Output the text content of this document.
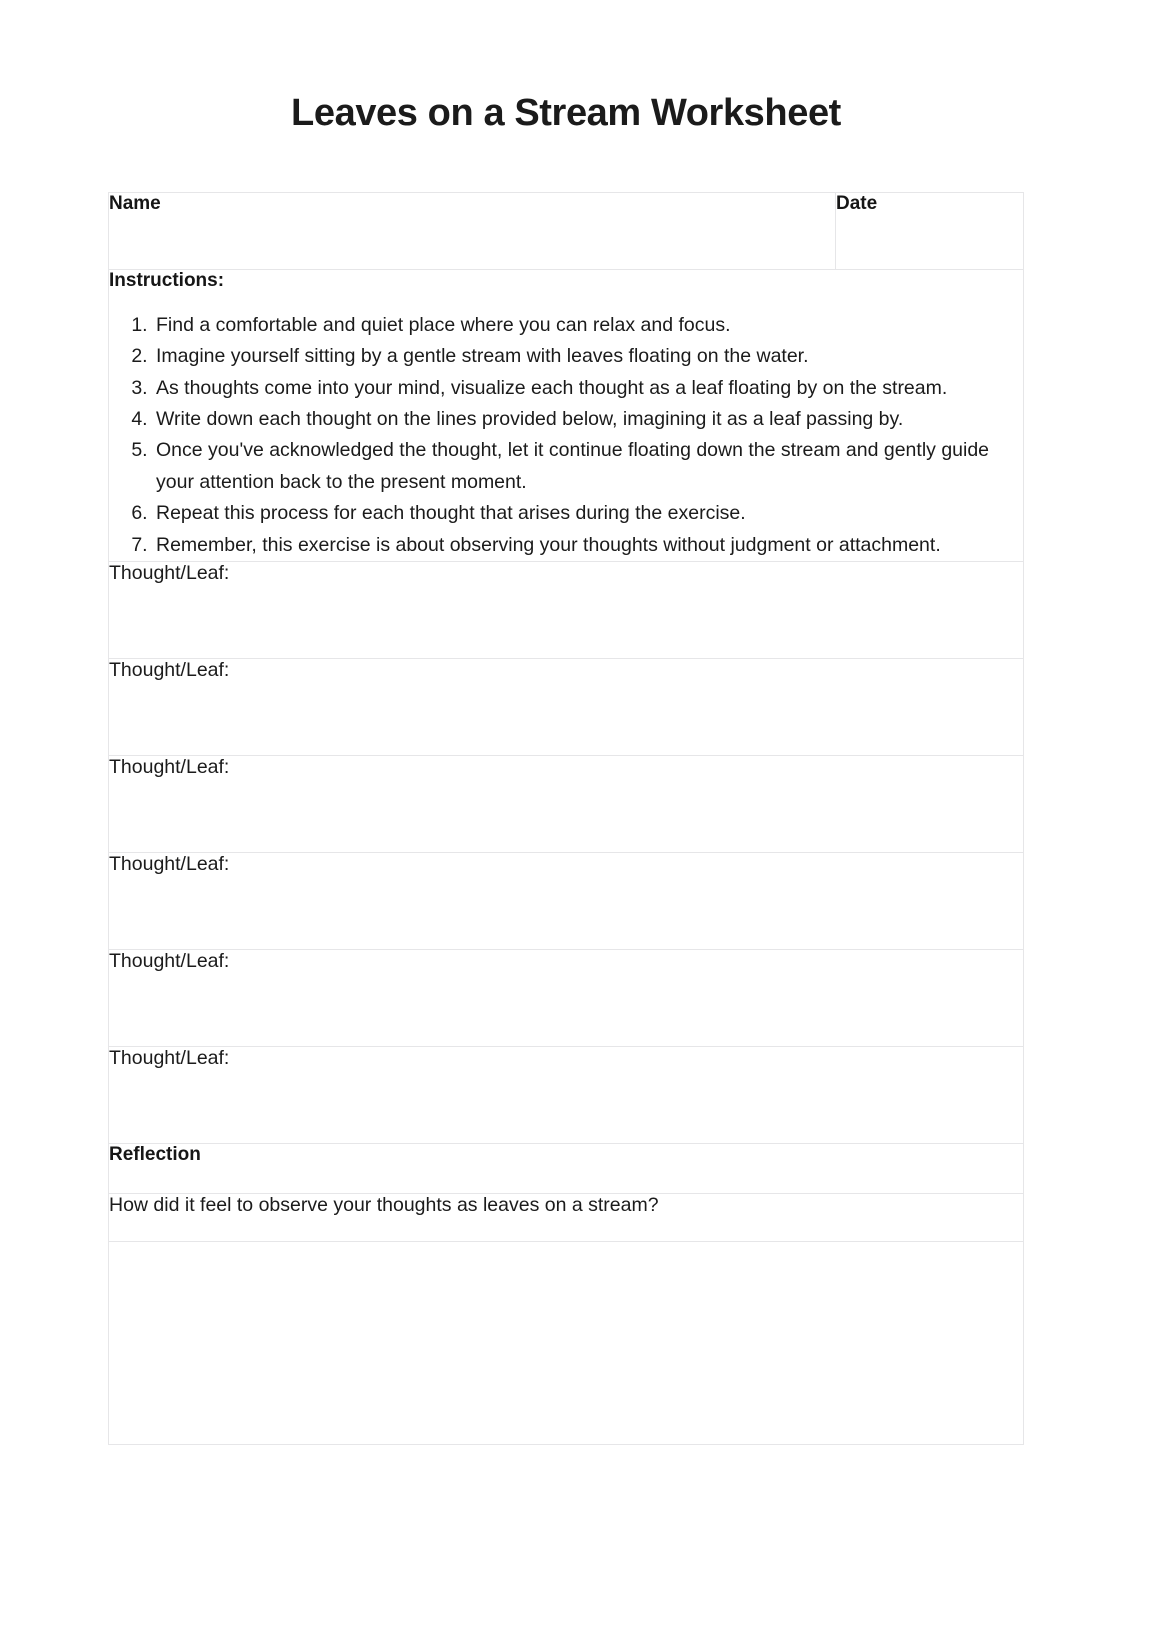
Leaves on a Stream Worksheet
Name	Date

Instructions:
1. Find a comfortable and quiet place where you can relax and focus.
2. Imagine yourself sitting by a gentle stream with leaves floating on the water.
3. As thoughts come into your mind, visualize each thought as a leaf floating by on the stream.
4. Write down each thought on the lines provided below, imagining it as a leaf passing by.
5. Once you've acknowledged the thought, let it continue floating down the stream and gently guide your attention back to the present moment.
6. Repeat this process for each thought that arises during the exercise.
7. Remember, this exercise is about observing your thoughts without judgment or attachment.

Thought/Leaf:
Thought/Leaf:
Thought/Leaf:
Thought/Leaf:
Thought/Leaf:
Thought/Leaf:
Reflection
How did it feel to observe your thoughts as leaves on a stream?
